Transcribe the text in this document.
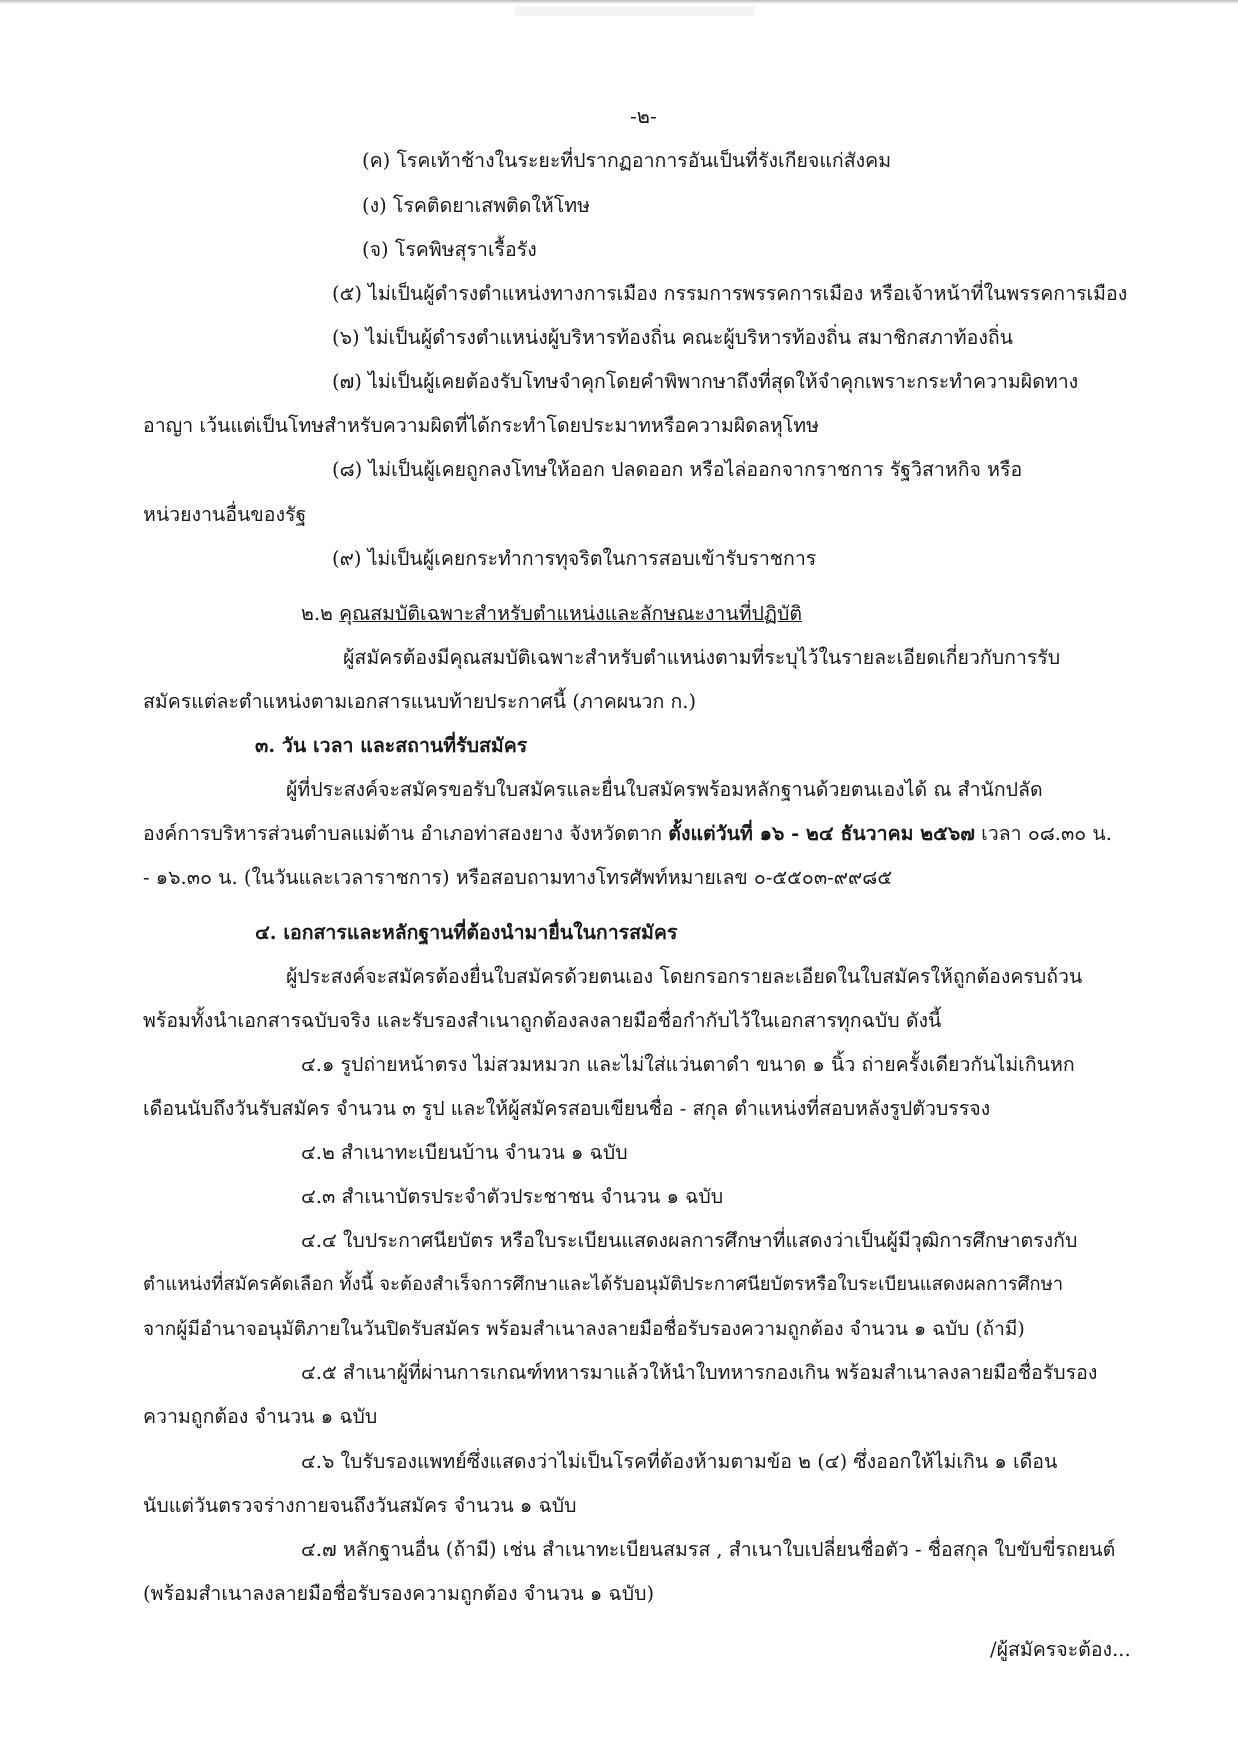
-๒-
(ค) โรคเท้าช้างในระยะที่ปรากฏอาการอันเป็นที่รังเกียจแก่สังคม
(ง) โรคติดยาเสพติดให้โทษ
(จ) โรคพิษสุราเรื้อรัง
(๕) ไม่เป็นผู้ดำรงตำแหน่งทางการเมือง กรรมการพรรคการเมือง หรือเจ้าหน้าที่ในพรรคการเมือง
(๖) ไม่เป็นผู้ดำรงตำแหน่งผู้บริหารท้องถิ่น คณะผู้บริหารท้องถิ่น สมาชิกสภาท้องถิ่น
(๗) ไม่เป็นผู้เคยต้องรับโทษจำคุกโดยคำพิพากษาถึงที่สุดให้จำคุกเพราะกระทำความผิดทาง
อาญา เว้นแต่เป็นโทษสำหรับความผิดที่ได้กระทำโดยประมาทหรือความผิดลหุโทษ
(๘) ไม่เป็นผู้เคยถูกลงโทษให้ออก ปลดออก หรือไล่ออกจากราชการ รัฐวิสาหกิจ หรือ
หน่วยงานอื่นของรัฐ
(๙) ไม่เป็นผู้เคยกระทำการทุจริตในการสอบเข้ารับราชการ
๒.๒ คุณสมบัติเฉพาะสำหรับตำแหน่งและลักษณะงานที่ปฏิบัติ
ผู้สมัครต้องมีคุณสมบัติเฉพาะสำหรับตำแหน่งตามที่ระบุไว้ในรายละเอียดเกี่ยวกับการรับ
สมัครแต่ละตำแหน่งตามเอกสารแนบท้ายประกาศนี้ (ภาคผนวก ก.)
๓. วัน เวลา และสถานที่รับสมัคร
ผู้ที่ประสงค์จะสมัครขอรับใบสมัครและยื่นใบสมัครพร้อมหลักฐานด้วยตนเองได้ ณ สำนักปลัด
องค์การบริหารส่วนตำบลแม่ต้าน อำเภอท่าสองยาง จังหวัดตาก ตั้งแต่วันที่ ๑๖ - ๒๔ ธันวาคม ๒๕๖๗ เวลา ๐๘.๓๐ น.
- ๑๖.๓๐ น. (ในวันและเวลาราชการ) หรือสอบถามทางโทรศัพท์หมายเลข ๐-๕๕๐๓-๙๙๘๕
๔. เอกสารและหลักฐานที่ต้องนำมายื่นในการสมัคร
ผู้ประสงค์จะสมัครต้องยื่นใบสมัครด้วยตนเอง โดยกรอกรายละเอียดในใบสมัครให้ถูกต้องครบถ้วน
พร้อมทั้งนำเอกสารฉบับจริง และรับรองสำเนาถูกต้องลงลายมือชื่อกำกับไว้ในเอกสารทุกฉบับ ดังนี้
๔.๑ รูปถ่ายหน้าตรง ไม่สวมหมวก และไม่ใส่แว่นตาดำ ขนาด ๑ นิ้ว ถ่ายครั้งเดียวกันไม่เกินหก
เดือนนับถึงวันรับสมัคร จำนวน ๓ รูป และให้ผู้สมัครสอบเขียนชื่อ - สกุล ตำแหน่งที่สอบหลังรูปตัวบรรจง
๔.๒ สำเนาทะเบียนบ้าน จำนวน ๑ ฉบับ
๔.๓ สำเนาบัตรประจำตัวประชาชน จำนวน ๑ ฉบับ
๔.๔ ใบประกาศนียบัตร หรือใบระเบียนแสดงผลการศึกษาที่แสดงว่าเป็นผู้มีวุฒิการศึกษาตรงกับ
ตำแหน่งที่สมัครคัดเลือก ทั้งนี้ จะต้องสำเร็จการศึกษาและได้รับอนุมัติประกาศนียบัตรหรือใบระเบียนแสดงผลการศึกษา
จากผู้มีอำนาจอนุมัติภายในวันปิดรับสมัคร พร้อมสำเนาลงลายมือชื่อรับรองความถูกต้อง จำนวน ๑ ฉบับ (ถ้ามี)
๔.๕ สำเนาผู้ที่ผ่านการเกณฑ์ทหารมาแล้วให้นำใบทหารกองเกิน พร้อมสำเนาลงลายมือชื่อรับรอง
ความถูกต้อง จำนวน ๑ ฉบับ
๔.๖ ใบรับรองแพทย์ซึ่งแสดงว่าไม่เป็นโรคที่ต้องห้ามตามข้อ ๒ (๔) ซึ่งออกให้ไม่เกิน ๑ เดือน
นับแต่วันตรวจร่างกายจนถึงวันสมัคร จำนวน ๑ ฉบับ
๔.๗ หลักฐานอื่น (ถ้ามี) เช่น สำเนาทะเบียนสมรส , สำเนาใบเปลี่ยนชื่อตัว - ชื่อสกุล ใบขับขี่รถยนต์
(พร้อมสำเนาลงลายมือชื่อรับรองความถูกต้อง จำนวน ๑ ฉบับ)
/ผู้สมัครจะต้อง...
